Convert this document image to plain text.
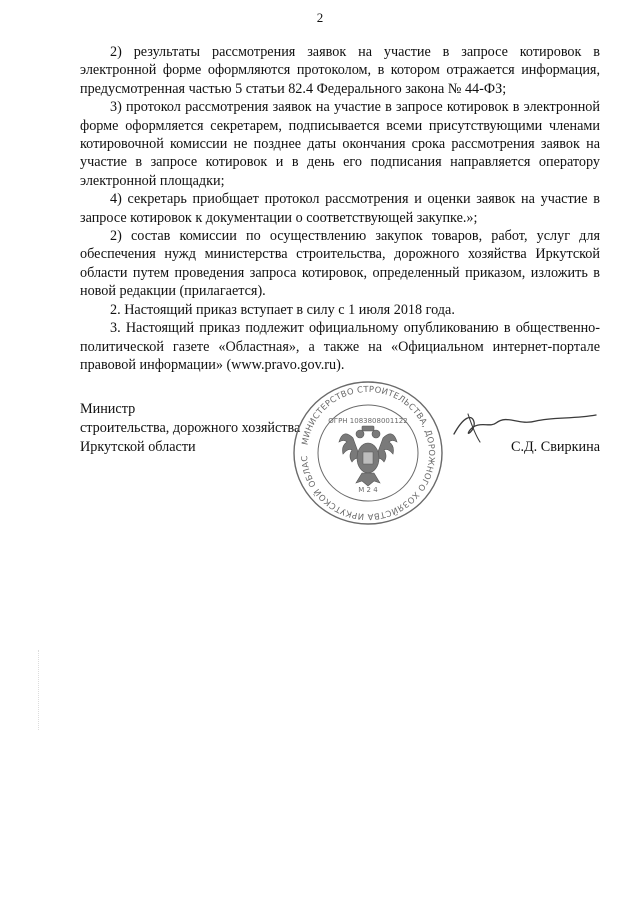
2

2) результаты рассмотрения заявок на участие в запросе котировок в электронной форме оформляются протоколом, в котором отражается информация, предусмотренная частью 5 статьи 82.4 Федерального закона № 44-ФЗ;

3) протокол рассмотрения заявок на участие в запросе котировок в электронной форме оформляется секретарем, подписывается всеми присутствующими членами котировочной комиссии не позднее даты окончания срока рассмотрения заявок на участие в запросе котировок и в день его подписания направляется оператору электронной площадки;

4) секретарь приобщает протокол рассмотрения и оценки заявок на участие в запросе котировок к документации о соответствующей закупке.»;

2) состав комиссии по осуществлению закупок товаров, работ, услуг для обеспечения нужд министерства строительства, дорожного хозяйства Иркутской области путем проведения запроса котировок, определенный приказом, изложить в новой редакции (прилагается).

2. Настоящий приказ вступает в силу с 1 июля 2018 года.

3. Настоящий приказ подлежит официальному опубликованию в общественно-политической газете «Областная», а также на «Официальном интернет-портале правовой информации» (www.pravo.gov.ru).

Министр
строительства, дорожного хозяйства
Иркутской области	МИНИСТЕРСТВО СТРОИТЕЛЬСТВА, ДОРОЖНОГО ХОЗЯЙСТВА ИРКУТСКОЙ ОБЛАС
ОГРН 1083808001122
М 2 4
С.Д. Свиркина
